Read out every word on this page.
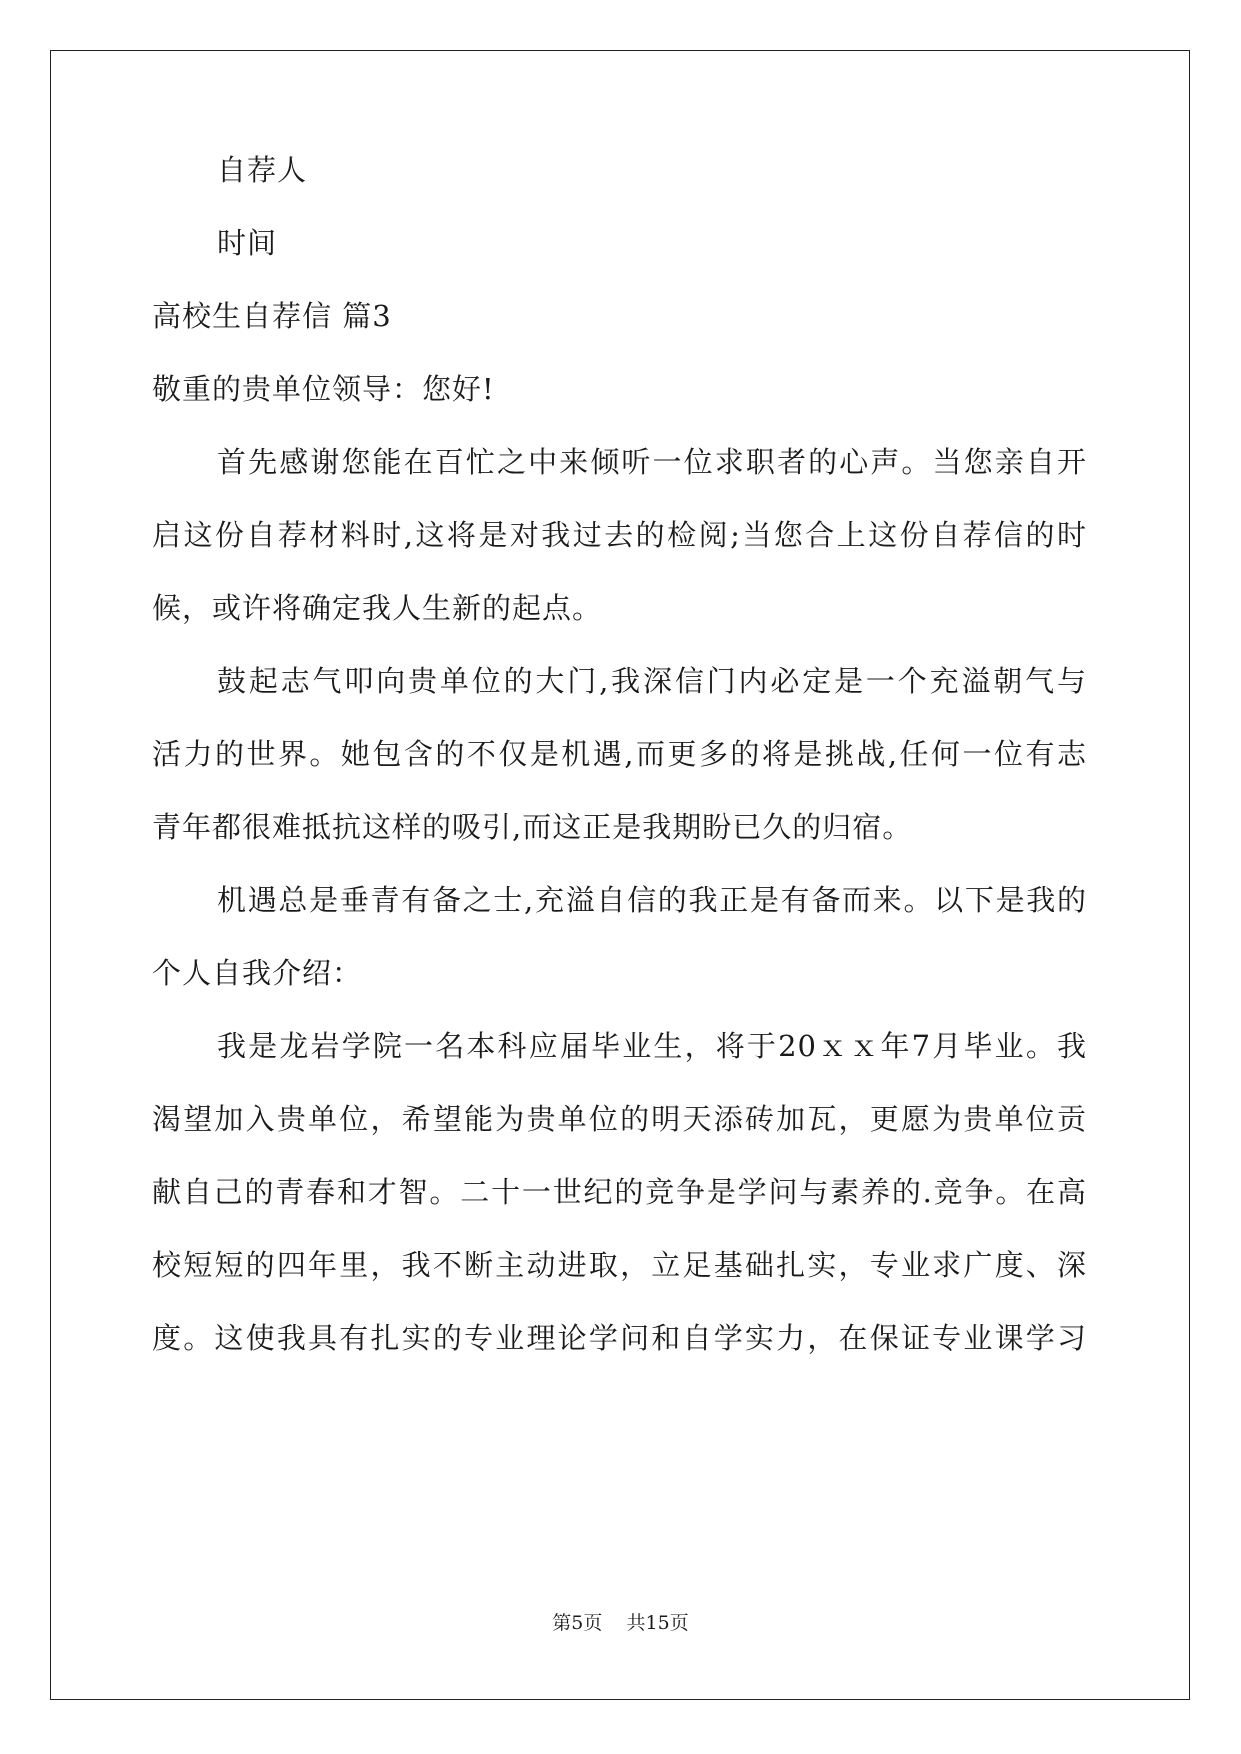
自荐人
时间
高校生自荐信 篇3
敬重的贵单位领导：您好!
首先感谢您能在百忙之中来倾听一位求职者的心声。当您亲自开
启这份自荐材料时,这将是对我过去的检阅;当您合上这份自荐信的时
候，或许将确定我人生新的起点。
鼓起志气叩向贵单位的大门,我深信门内必定是一个充溢朝气与
活力的世界。她包含的不仅是机遇,而更多的将是挑战,任何一位有志
青年都很难抵抗这样的吸引,而这正是我期盼已久的归宿。
机遇总是垂青有备之士,充溢自信的我正是有备而来。以下是我的
个人自我介绍：
我是龙岩学院一名本科应届毕业生，将于20ｘｘ年7月毕业。我
渴望加入贵单位，希望能为贵单位的明天添砖加瓦，更愿为贵单位贡
献自己的青春和才智。二十一世纪的竞争是学问与素养的.竞争。在高
校短短的四年里，我不断主动进取，立足基础扎实，专业求广度、深
度。这使我具有扎实的专业理论学问和自学实力，在保证专业课学习
第5页    共15页
